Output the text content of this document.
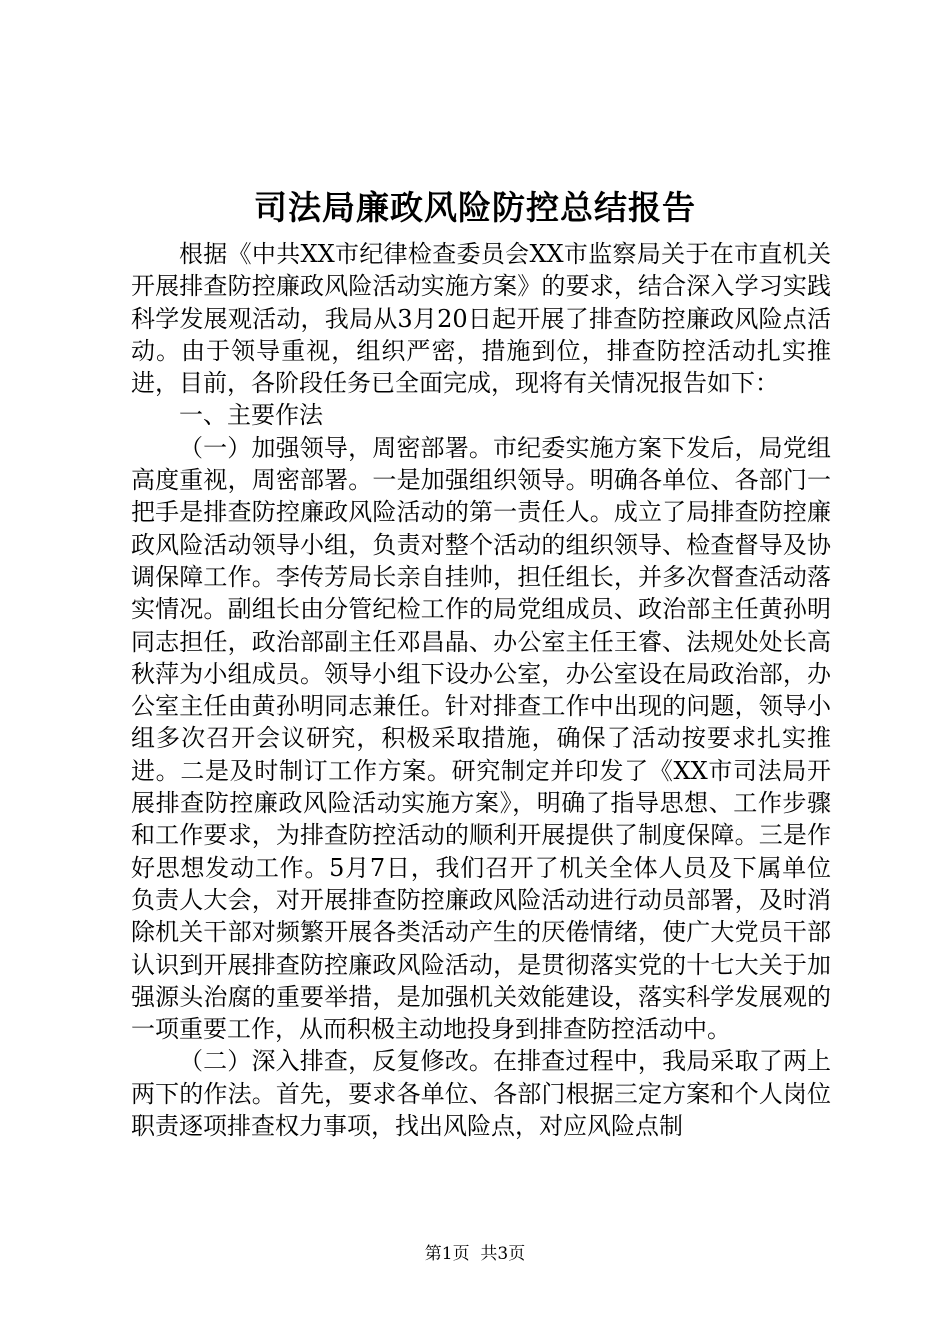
司法局廉政风险防控总结报告

根据《中共XX市纪律检查委员会XX市监察局关于在市直机关开展排查防控廉政风险活动实施方案》的要求，结合深入学习实践科学发展观活动，我局从3月20日起开展了排查防控廉政风险点活动。由于领导重视，组织严密，措施到位，排查防控活动扎实推进，目前，各阶段任务已全面完成，现将有关情况报告如下：

一、主要作法

（一）加强领导，周密部署。市纪委实施方案下发后，局党组高度重视，周密部署。一是加强组织领导。明确各单位、各部门一把手是排查防控廉政风险活动的第一责任人。成立了局排查防控廉政风险活动领导小组，负责对整个活动的组织领导、检查督导及协调保障工作。李传芳局长亲自挂帅，担任组长，并多次督查活动落实情况。副组长由分管纪检工作的局党组成员、政治部主任黄孙明同志担任，政治部副主任邓昌晶、办公室主任王睿、法规处处长高秋萍为小组成员。领导小组下设办公室，办公室设在局政治部，办公室主任由黄孙明同志兼任。针对排查工作中出现的问题，领导小组多次召开会议研究，积极采取措施，确保了活动按要求扎实推进。二是及时制订工作方案。研究制定并印发了《XX市司法局开展排查防控廉政风险活动实施方案》，明确了指导思想、工作步骤和工作要求，为排查防控活动的顺利开展提供了制度保障。三是作好思想发动工作。5月7日，我们召开了机关全体人员及下属单位负责人大会，对开展排查防控廉政风险活动进行动员部署，及时消除机关干部对频繁开展各类活动产生的厌倦情绪，使广大党员干部认识到开展排查防控廉政风险活动，是贯彻落实党的十七大关于加强源头治腐的重要举措，是加强机关效能建设，落实科学发展观的一项重要工作，从而积极主动地投身到排查防控活动中。

（二）深入排查，反复修改。在排查过程中，我局采取了两上两下的作法。首先，要求各单位、各部门根据三定方案和个人岗位职责逐项排查权力事项，找出风险点，对应风险点制

第1页 共3页
